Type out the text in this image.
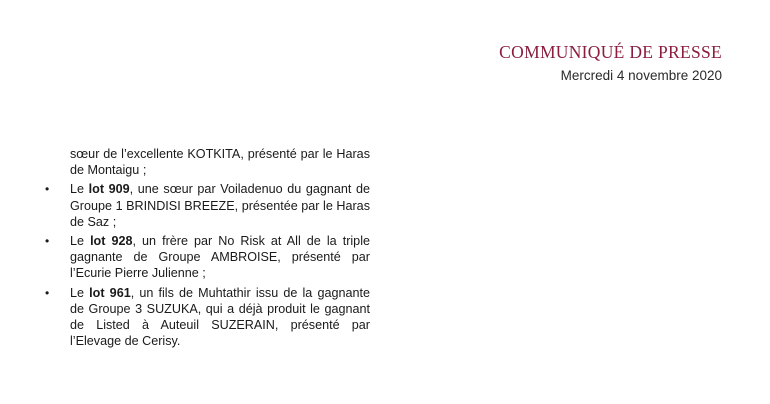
COMMUNIQUÉ DE PRESSE
Mercredi 4 novembre 2020
sœur de l’excellente KOTKITA, présenté par le Haras de Montaigu ;
•	Le lot 909, une sœur par Voiladenuo du gagnant de Groupe 1 BRINDISI BREEZE, présentée par le Haras de Saz ;
•	Le lot 928, un frère par No Risk at All de la triple gagnante de Groupe AMBROISE, présenté par l’Ecurie Pierre Julienne ;
•	Le lot 961, un fils de Muhtathir issu de la gagnante de Groupe 3 SUZUKA, qui a déjà produit le gagnant de Listed à Auteuil SUZERAIN, présenté par l’Elevage de Cerisy.
